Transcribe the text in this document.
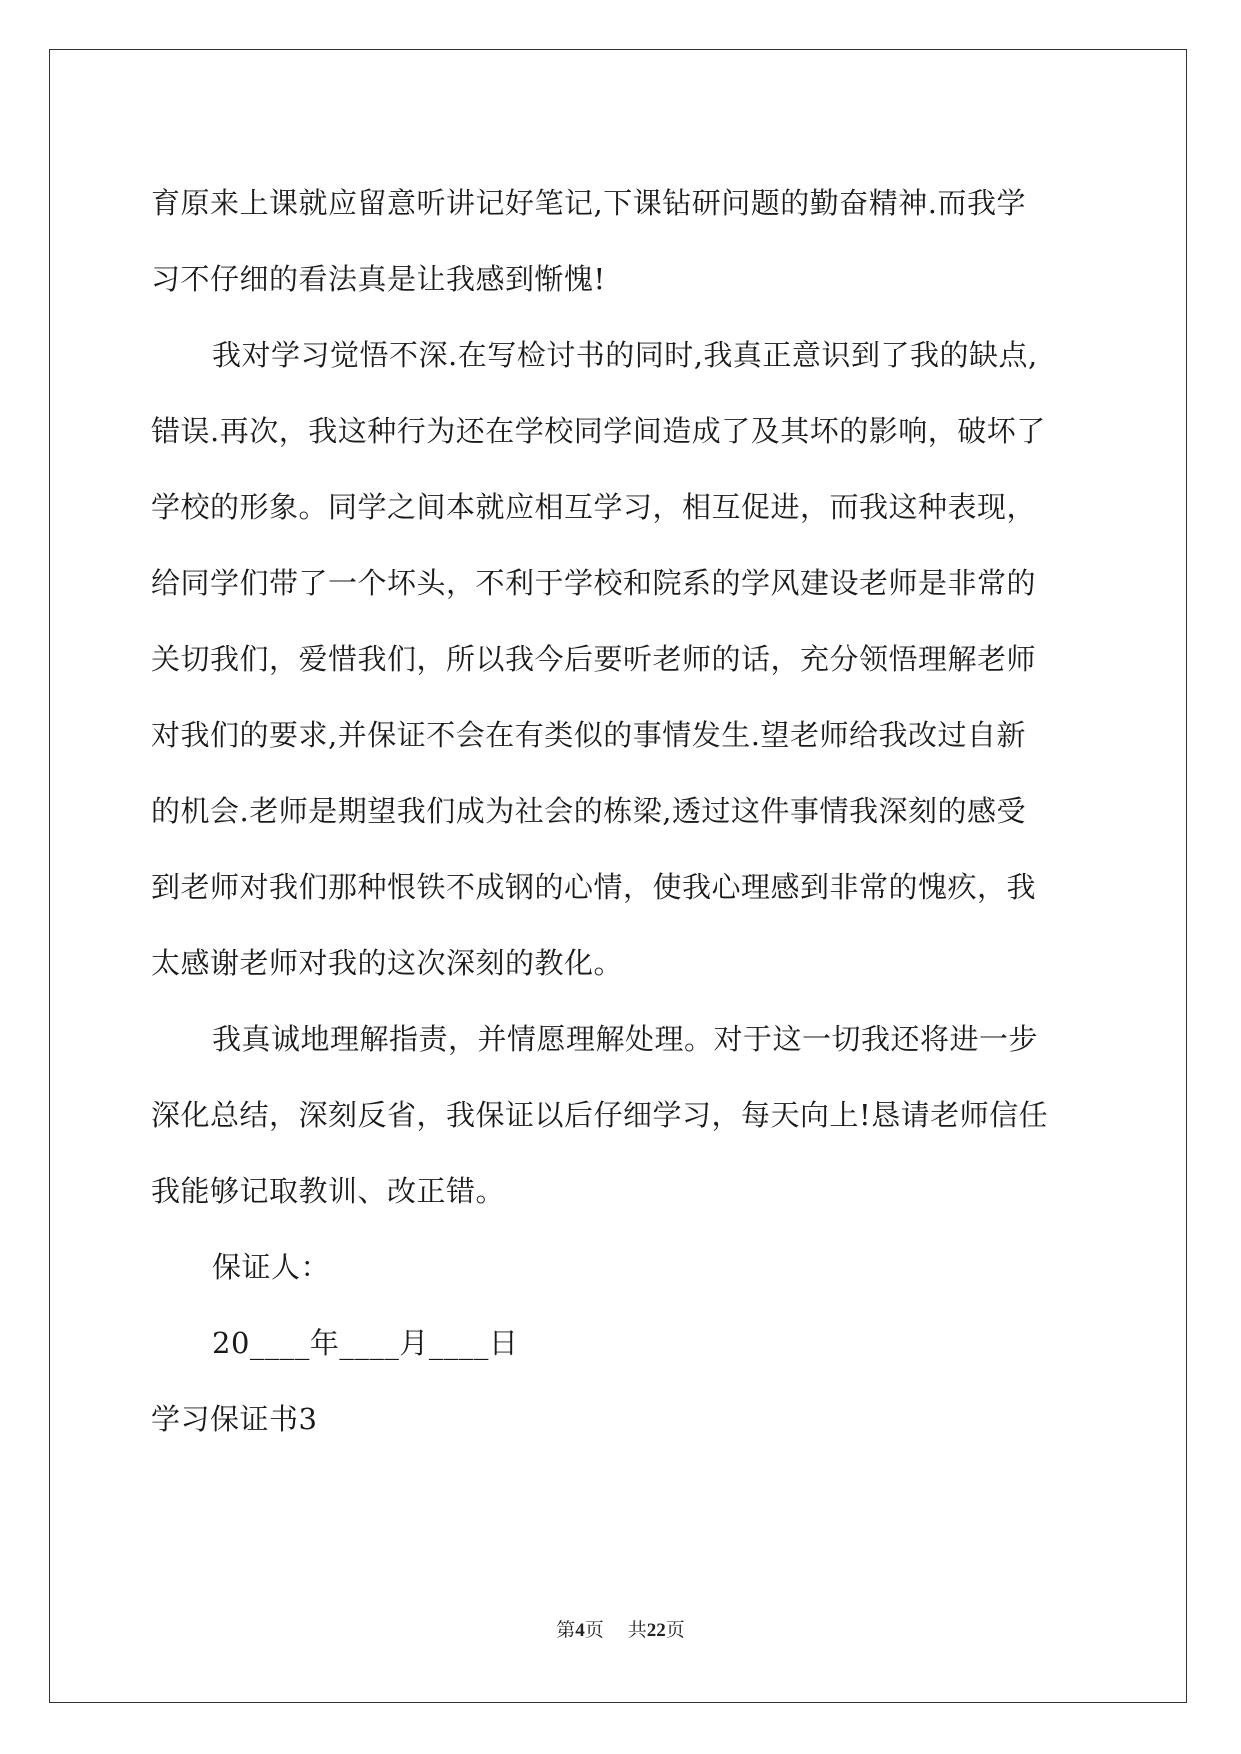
育原来上课就应留意听讲记好笔记,下课钻研问题的勤奋精神.而我学
习不仔细的看法真是让我感到惭愧!
我对学习觉悟不深.在写检讨书的同时,我真正意识到了我的缺点,
错误.再次，我这种行为还在学校同学间造成了及其坏的影响，破坏了
学校的形象。同学之间本就应相互学习，相互促进，而我这种表现，
给同学们带了一个坏头，不利于学校和院系的学风建设老师是非常的
关切我们，爱惜我们，所以我今后要听老师的话，充分领悟理解老师
对我们的要求,并保证不会在有类似的事情发生.望老师给我改过自新
的机会.老师是期望我们成为社会的栋梁,透过这件事情我深刻的感受
到老师对我们那种恨铁不成钢的心情，使我心理感到非常的愧疚，我
太感谢老师对我的这次深刻的教化。
我真诚地理解指责，并情愿理解处理。对于这一切我还将进一步
深化总结，深刻反省，我保证以后仔细学习，每天向上!恳请老师信任
我能够记取教训、改正错。
保证人：
20____年____月____日
学习保证书3
第4页 共22页
